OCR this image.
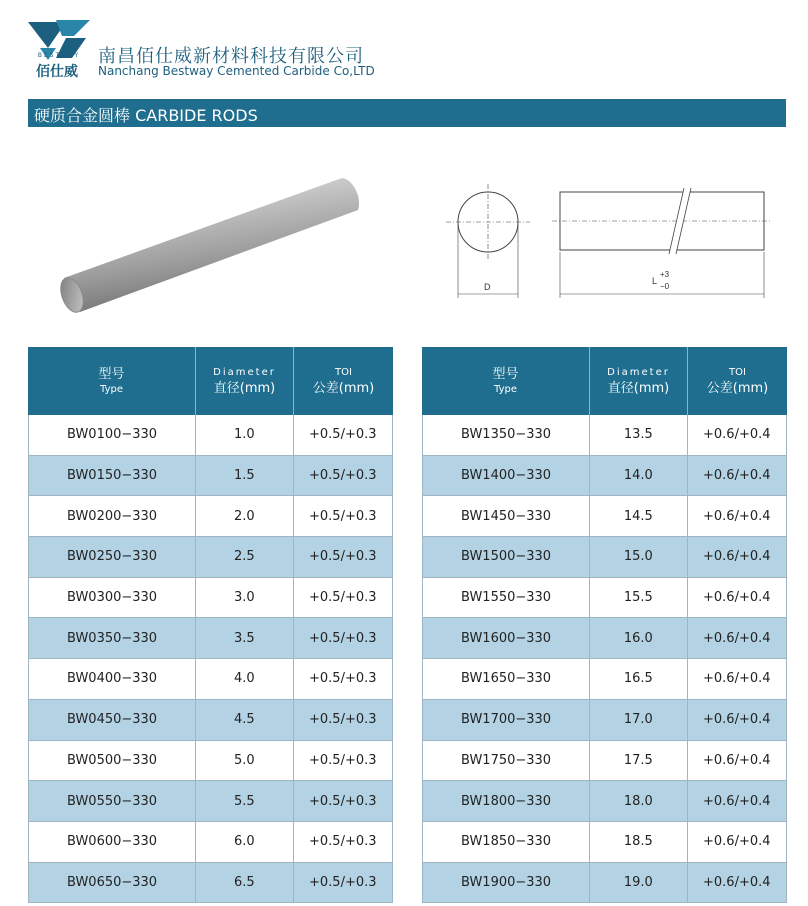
BESTWAY
佰仕威
南昌佰仕威新材料科技有限公司
Nanchang Bestway Cemented Carbide Co,LTD
硬质合金圆棒 CARBIDE RODS
D
L
+3
−0
型号
Type
Diameter
直径(mm)
TOI
公差(mm)
BW0100−330	1.0	+0.5/+0.3
BW0150−330	1.5	+0.5/+0.3
BW0200−330	2.0	+0.5/+0.3
BW0250−330	2.5	+0.5/+0.3
BW0300−330	3.0	+0.5/+0.3
BW0350−330	3.5	+0.5/+0.3
BW0400−330	4.0	+0.5/+0.3
BW0450−330	4.5	+0.5/+0.3
BW0500−330	5.0	+0.5/+0.3
BW0550−330	5.5	+0.5/+0.3
BW0600−330	6.0	+0.5/+0.3
BW0650−330	6.5	+0.5/+0.3
型号
Type
Diameter
直径(mm)
TOI
公差(mm)
BW1350−330	13.5	+0.6/+0.4
BW1400−330	14.0	+0.6/+0.4
BW1450−330	14.5	+0.6/+0.4
BW1500−330	15.0	+0.6/+0.4
BW1550−330	15.5	+0.6/+0.4
BW1600−330	16.0	+0.6/+0.4
BW1650−330	16.5	+0.6/+0.4
BW1700−330	17.0	+0.6/+0.4
BW1750−330	17.5	+0.6/+0.4
BW1800−330	18.0	+0.6/+0.4
BW1850−330	18.5	+0.6/+0.4
BW1900−330	19.0	+0.6/+0.4
